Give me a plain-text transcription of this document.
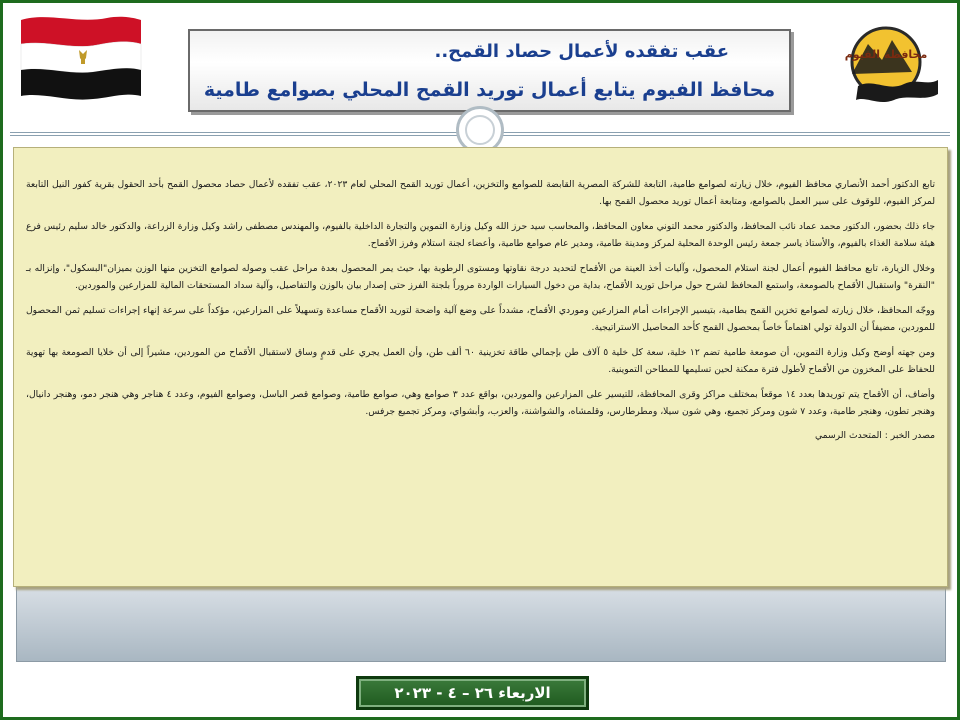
عقب تفقده لأعمال حصاد القمح..
محافظ الفيوم يتابع أعمال توريد القمح المحلي بصوامع طامية
محافظة الفيوم

تابع الدكتور أحمد الأنصاري محافظ الفيوم، خلال زيارته لصوامع طامية، التابعة للشركة المصرية القابضة للصوامع والتخزين، أعمال توريد القمح المحلي لعام ٢٠٢٣، عقب تفقده لأعمال حصاد محصول القمح بأحد الحقول بقرية كفور النيل التابعة لمركز الفيوم، للوقوف على سير العمل بالصوامع، ومتابعة أعمال توريد محصول القمح بها.

جاء ذلك بحضور، الدكتور محمد عماد نائب المحافظ، والدكتور محمد التوني معاون المحافظ، والمحاسب سيد حرز الله وكيل وزارة التموين والتجارة الداخلية بالفيوم، والمهندس مصطفى راشد وكيل وزارة الزراعة، والدكتور خالد سليم رئيس فرع هيئة سلامة الغذاء بالفيوم، والأستاذ ياسر جمعة رئيس الوحدة المحلية لمركز ومدينة طامية، ومدير عام صوامع طامية، وأعضاء لجنة استلام وفرز الأقماح.

وخلال الزيارة، تابع محافظ الفيوم أعمال لجنة استلام المحصول، وآليات أخذ العينة من الأقماح لتحديد درجة نقاوتها ومستوى الرطوبة بها، حيث يمر المحصول بعدة مراحل عقب وصوله لصوامع التخزين منها الوزن بميزان"البسكول"، وإنزاله بـ "النقرة" واستقبال الأقماح بالصومعة، واستمع المحافظ لشرح حول مراحل توريد الأقماح، بداية من دخول السيارات الواردة مروراً بلجنة الفرز حتى إصدار بيان بالوزن والتفاصيل، وآلية سداد المستحقات المالية للمزارعين والموردين.

ووجّه المحافظ، خلال زيارته لصوامع تخزين القمح بطامية، بتيسير الإجراءات أمام المزارعين وموردي الأقماح، مشدداً على وضع آلية واضحة لتوريد الأقماح مساعدة وتسهيلاً على المزارعين، مؤكداً على سرعة إنهاء إجراءات تسليم ثمن المحصول للموردين، مضيفاً أن الدولة تولي اهتماماً خاصاً بمحصول القمح كأحد المحاصيل الاستراتيجية.

ومن جهته أوضح وكيل وزارة التموين، أن صومعة طامية تضم ١٢ خلية، سعة كل خلية ٥ آلاف طن بإجمالي طاقة تخزينية ٦٠ ألف طن، وأن العمل يجري على قدمٍ وساق لاستقبال الأقماح من الموردين، مشيراً إلى أن خلايا الصومعة بها تهوية للحفاظ على المخزون من الأقماح لأطول فترة ممكنة لحين تسليمها للمطاحن التموينية.

وأضاف، أن الأقماح يتم توريدها بعدد ١٤ موقعاً بمختلف مراكز وقرى المحافظة، للتيسير على المزارعين والموردين، بواقع عدد ٣ صوامع وهي، صوامع طامية، وصوامع قصر الباسل، وصوامع الفيوم، وعدد ٤ هناجر وهي هنجر دمو، وهنجر دانيال، وهنجر تطون، وهنجر طامية، وعدد ٧ شون ومركز تجميع، وهي شون سيلا، ومطرطارس، وقلمشاه، والشواشنة، والعزب، وأبشواي، ومركز تجميع جرفس.

مصدر الخبر : المتحدث الرسمي

الاربعاء ٢٦ – ٤ - ٢٠٢٣
